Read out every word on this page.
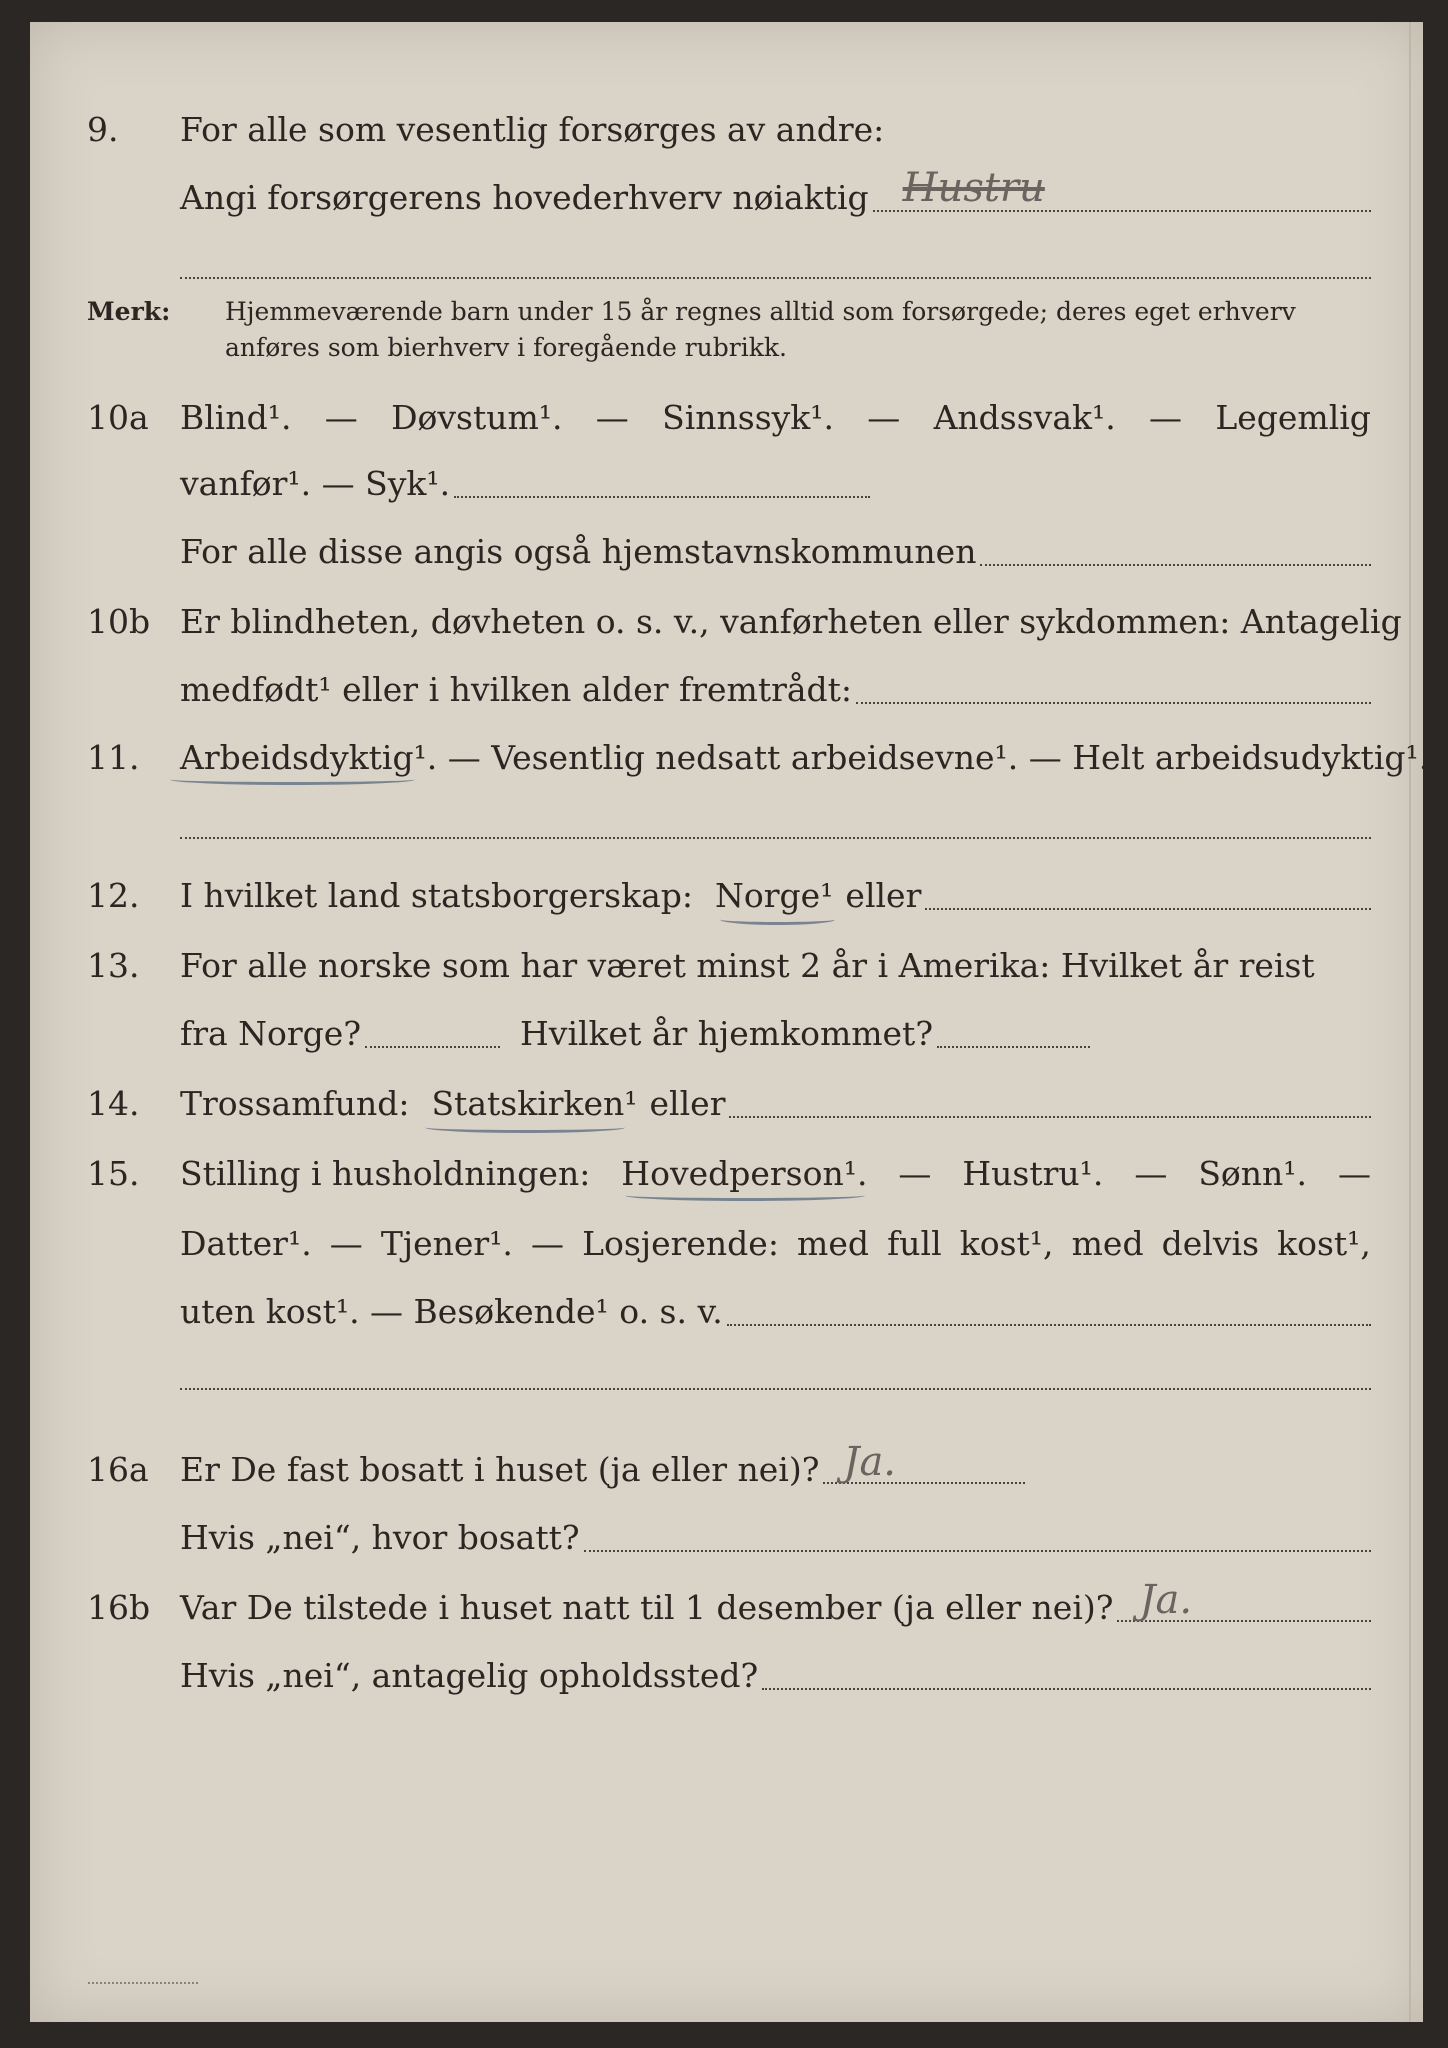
9. For alle som vesentlig forsørges av andre:
Angi forsørgerens hovederhverv nøiaktig Hustru
Merk: Hjemmeværende barn under 15 år regnes alltid som forsørgede; deres eget erhverv anføres som bierhverv i foregående rubrikk.
10a Blind¹. — Døvstum¹. — Sinnssyk¹. — Andssvak¹. — Legemlig
vanfør¹. — Syk¹.
For alle disse angis også hjemstavnskommunen
10b Er blindheten, døvheten o. s. v., vanførheten eller sykdommen: Antagelig
medfødt¹ eller i hvilken alder fremtrådt:
11. Arbeidsdyktig¹. — Vesentlig nedsatt arbeidsevne¹. — Helt arbeidsudyktig¹.
12. I hvilket land statsborgerskap: Norge¹ eller
13. For alle norske som har været minst 2 år i Amerika: Hvilket år reist
fra Norge?	Hvilket år hjemkommet?
14. Trossamfund: Statskirken¹ eller
15. Stilling i husholdningen: Hovedperson¹. — Hustru¹. — Sønn¹. —
Datter¹. — Tjener¹. — Losjerende: med full kost¹, med delvis kost¹,
uten kost¹. — Besøkende¹ o. s. v.
16a Er De fast bosatt i huset (ja eller nei)? Ja.
Hvis „nei“, hvor bosatt?
16b Var De tilstede i huset natt til 1 desember (ja eller nei)? Ja.
Hvis „nei“, antagelig opholdssted?
